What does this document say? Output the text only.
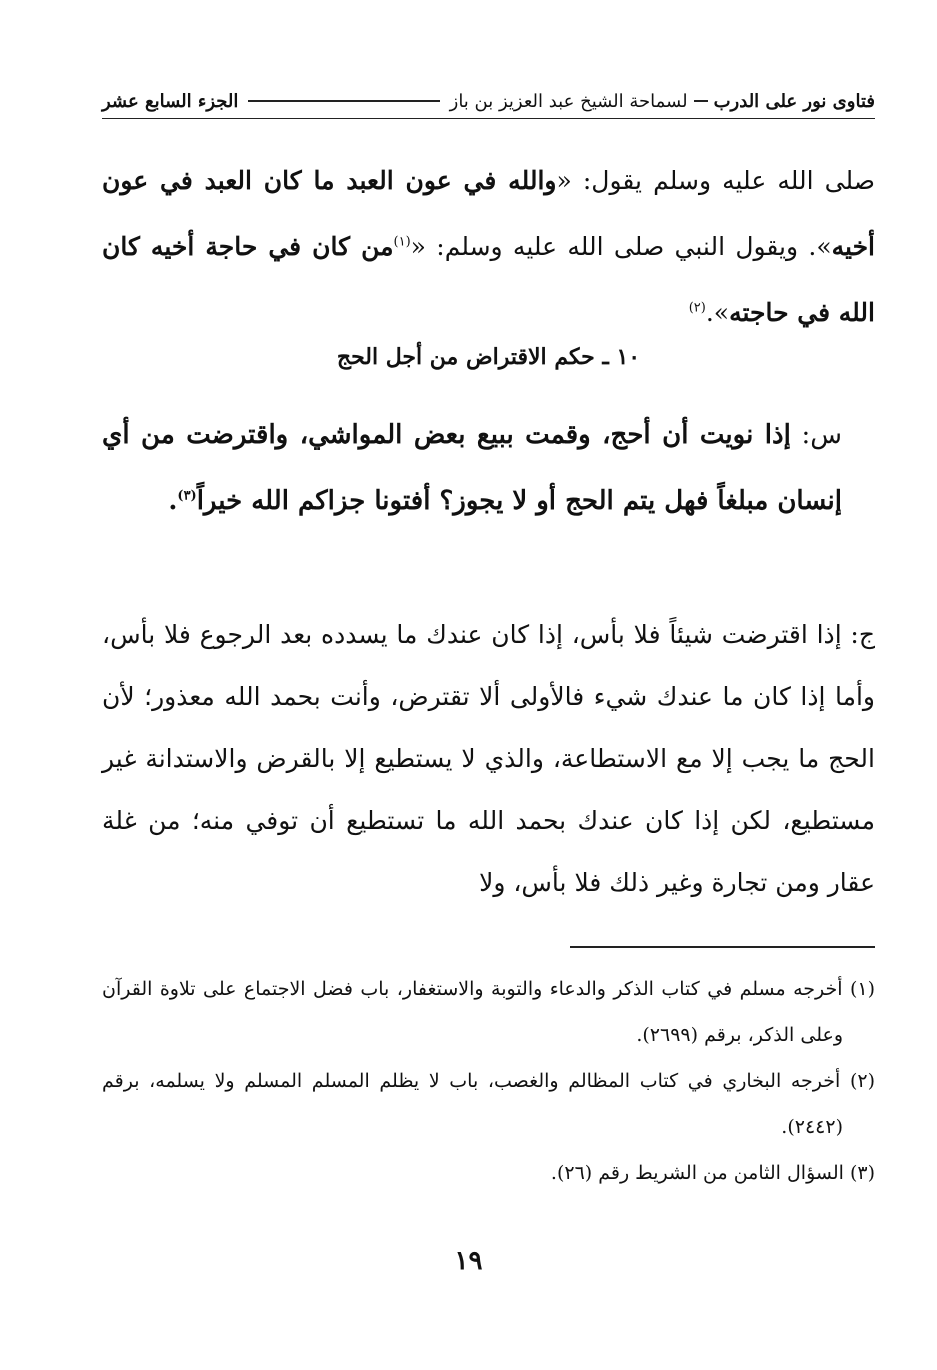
فتاوى نور على الدرب
لسماحة الشيخ عبد العزيز بن باز
الجزء السابع عشر

صلى الله عليه وسلم يقول: «والله في عون العبد ما كان العبد في عون أخيه». ويقول النبي صلى الله عليه وسلم: «$^{(١)}$من كان في حاجة أخيه كان الله في حاجته».$^{(٢)}$

١٠ ـ حكم الاقتراض من أجل الحج

س: إذا نويت أن أحج، وقمت ببيع بعض المواشي، واقترضت من أي إنسان مبلغاً فهل يتم الحج أو لا يجوز؟ أفتونا جزاكم الله خيراً$^{(٣)}$.

ج: إذا اقترضت شيئاً فلا بأس، إذا كان عندك ما يسدده بعد الرجوع فلا بأس، وأما إذا كان ما عندك شيء فالأولى ألا تقترض، وأنت بحمد الله معذور؛ لأن الحج ما يجب إلا مع الاستطاعة، والذي لا يستطيع إلا بالقرض والاستدانة غير مستطيع، لكن إذا كان عندك بحمد الله ما تستطيع أن توفي منه؛ من غلة عقار ومن تجارة وغير ذلك فلا بأس، ولا

(١) أخرجه مسلم في كتاب الذكر والدعاء والتوبة والاستغفار، باب فضل الاجتماع على تلاوة القرآن وعلى الذكر، برقم (٢٦٩٩).
(٢) أخرجه البخاري في كتاب المظالم والغصب، باب لا يظلم المسلم المسلم ولا يسلمه، برقم (٢٤٤٢).
(٣) السؤال الثامن من الشريط رقم (٢٦).
١٩
